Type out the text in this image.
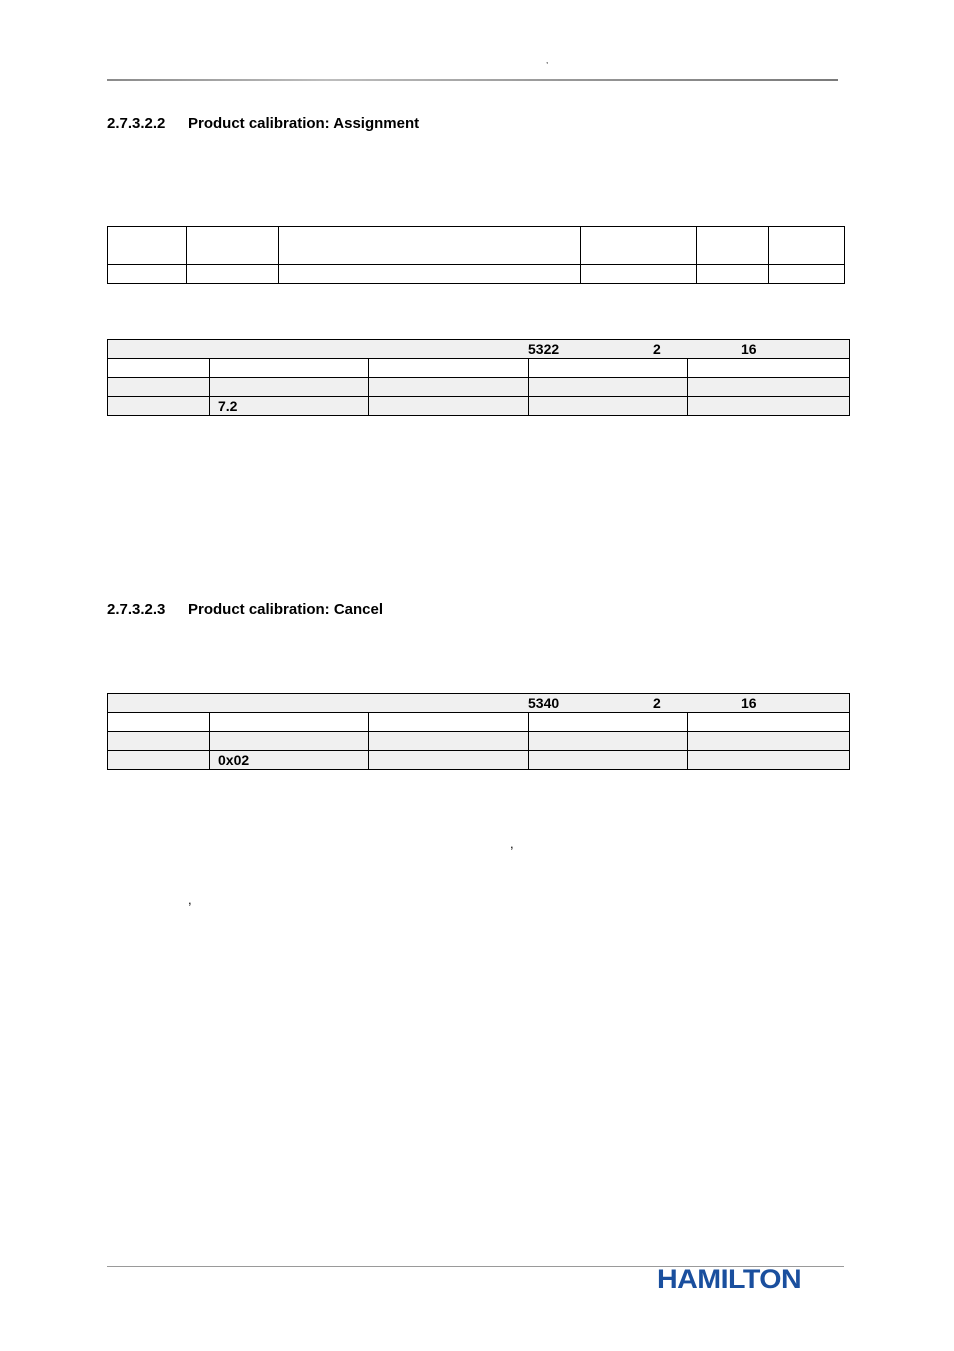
,
2.7.3.2.2 Product calibration: Assignment

5322 2 16				

	7.2			
2.7.3.2.3 Product calibration: Cancel
5340 2 16				

	0x02			
,
,
HAMILTON
